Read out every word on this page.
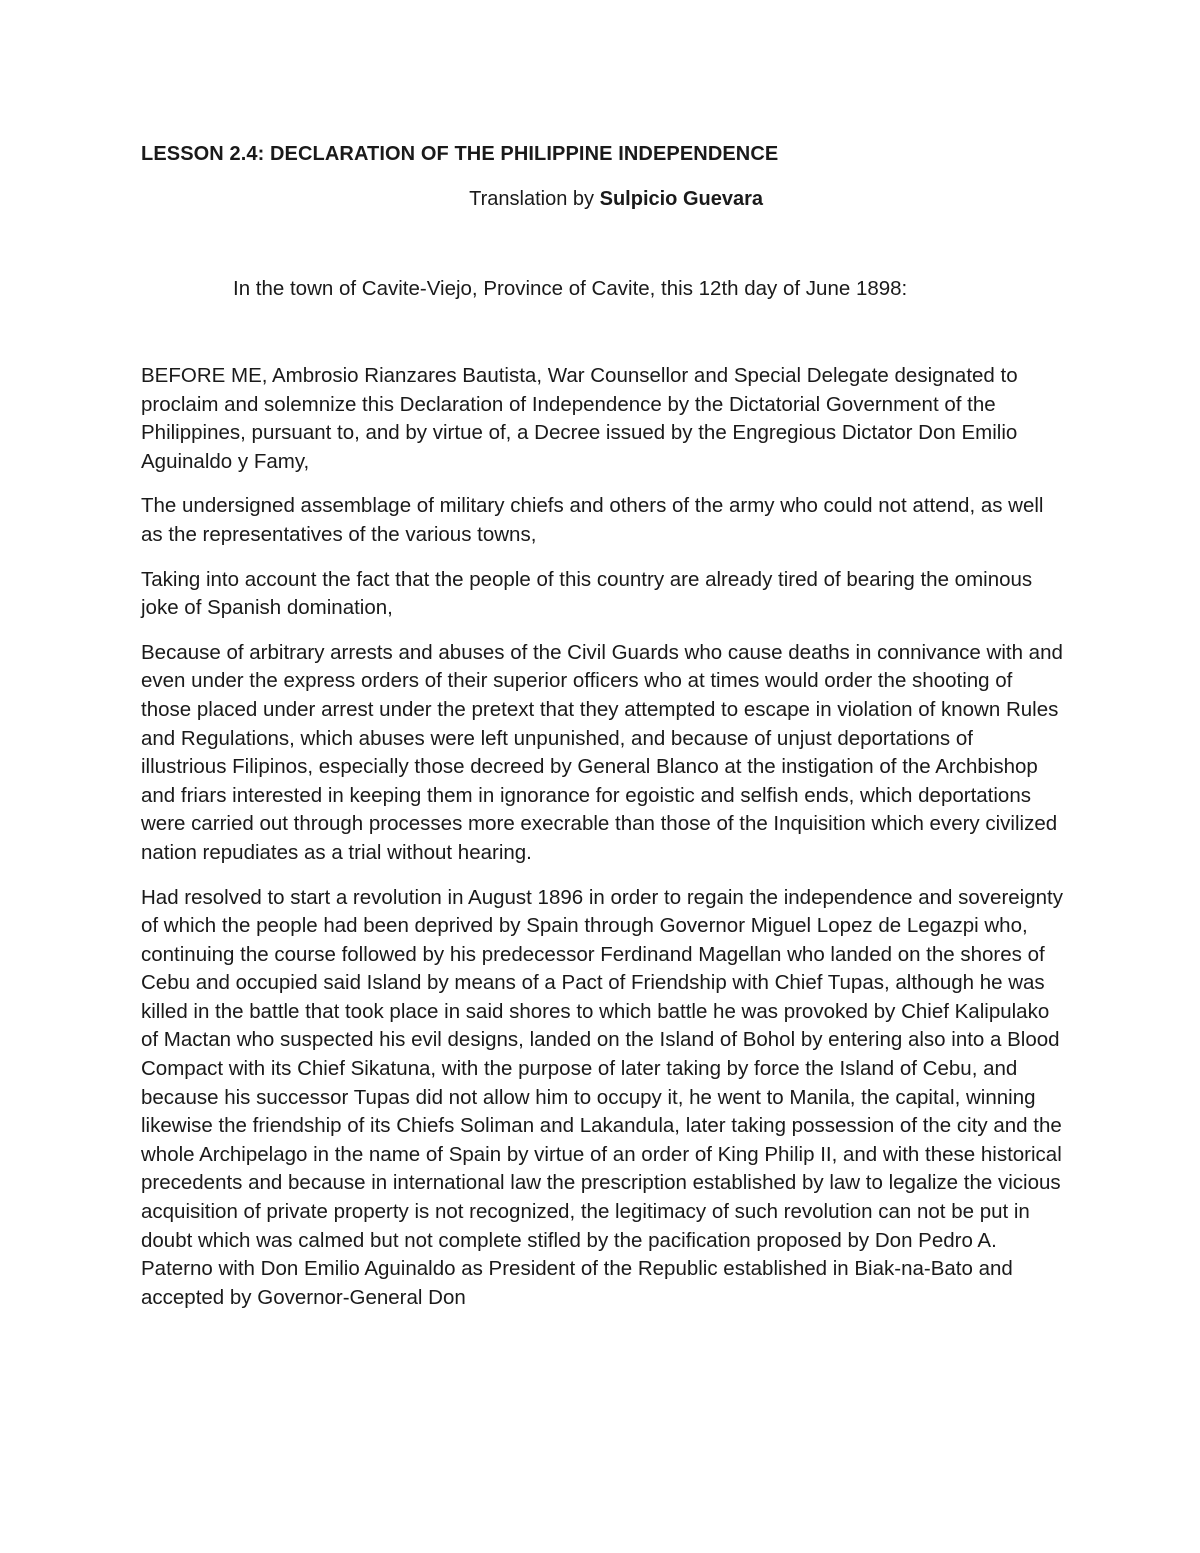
LESSON 2.4: DECLARATION OF THE PHILIPPINE INDEPENDENCE

Translation by Sulpicio Guevara

In the town of Cavite-Viejo, Province of Cavite, this 12th day of June 1898:

BEFORE ME, Ambrosio Rianzares Bautista, War Counsellor and Special Delegate designated to proclaim and solemnize this Declaration of Independence by the Dictatorial Government of the Philippines, pursuant to, and by virtue of, a Decree issued by the Engregious Dictator Don Emilio Aguinaldo y Famy,

The undersigned assemblage of military chiefs and others of the army who could not attend, as well as the representatives of the various towns,

Taking into account the fact that the people of this country are already tired of bearing the ominous joke of Spanish domination,

Because of arbitrary arrests and abuses of the Civil Guards who cause deaths in connivance with and even under the express orders of their superior officers who at times would order the shooting of those placed under arrest under the pretext that they attempted to escape in violation of known Rules and Regulations, which abuses were left unpunished, and because of unjust deportations of illustrious Filipinos, especially those decreed by General Blanco at the instigation of the Archbishop and friars interested in keeping them in ignorance for egoistic and selfish ends, which deportations were carried out through processes more execrable than those of the Inquisition which every civilized nation repudiates as a trial without hearing.

Had resolved to start a revolution in August 1896 in order to regain the independence and sovereignty of which the people had been deprived by Spain through Governor Miguel Lopez de Legazpi who, continuing the course followed by his predecessor Ferdinand Magellan who landed on the shores of Cebu and occupied said Island by means of a Pact of Friendship with Chief Tupas, although he was killed in the battle that took place in said shores to which battle he was provoked by Chief Kalipulako of Mactan who suspected his evil designs, landed on the Island of Bohol by entering also into a Blood Compact with its Chief Sikatuna, with the purpose of later taking by force the Island of Cebu, and because his successor Tupas did not allow him to occupy it, he went to Manila, the capital, winning likewise the friendship of its Chiefs Soliman and Lakandula, later taking possession of the city and the whole Archipelago in the name of Spain by virtue of an order of King Philip II, and with these historical precedents and because in international law the prescription established by law to legalize the vicious acquisition of private property is not recognized, the legitimacy of such revolution can not be put in doubt which was calmed but not complete stifled by the pacification proposed by Don Pedro A. Paterno with Don Emilio Aguinaldo as President of the Republic established in Biak-na-Bato and accepted by Governor-General Don
